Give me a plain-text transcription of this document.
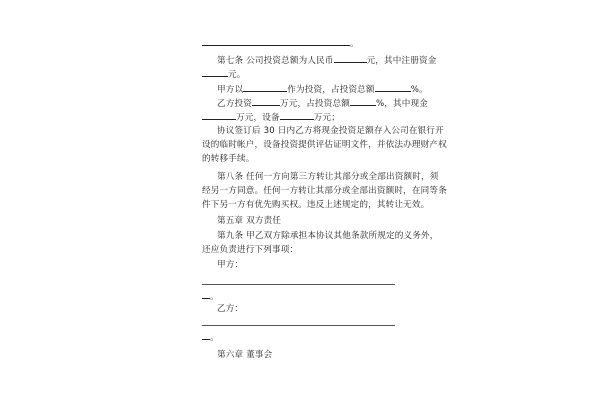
。
第七条 公司投资总额为人民币	元，其中注册资金
元。
甲方以	作为投资，占投资总额	%。
乙方投资	万元，占投资总额	%，其中现金
万元，设备	万元；
协议签订后 30 日内乙方将现金投资足额存入公司在银行开
设的临时帐户，设备投资提供评估证明文件，并依法办理财产权
的转移手续。
第八条 任何一方向第三方转让其部分或全部出资额时，须
经另一方同意。任何一方转让其部分或全部出资额时，在同等条
件下另一方有优先购买权。违反上述规定的，其转让无效。
第五章 双方责任
第九条 甲乙双方除承担本协议其他条款所规定的义务外，
还应负责进行下列事项：
甲方：
。
乙方：
。
第六章 董事会
